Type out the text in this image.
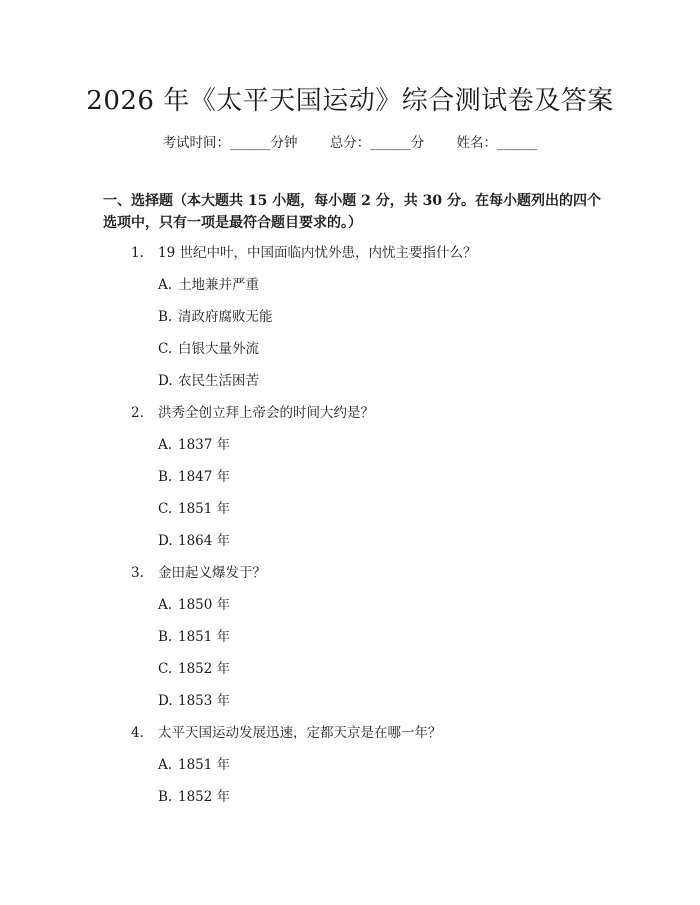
2026 年《太平天国运动》综合测试卷及答案
考试时间：______分钟 总分：______分 姓名：______
一、选择题（本大题共 15 小题，每小题 2 分，共 30 分。在每小题列出的四个选项中，只有一项是最符合题目要求的。）
1. 19 世纪中叶，中国面临内忧外患，内忧主要指什么？
A. 土地兼并严重
B. 清政府腐败无能
C. 白银大量外流
D. 农民生活困苦
2. 洪秀全创立拜上帝会的时间大约是？
A. 1837 年
B. 1847 年
C. 1851 年
D. 1864 年
3. 金田起义爆发于？
A. 1850 年
B. 1851 年
C. 1852 年
D. 1853 年
4. 太平天国运动发展迅速，定都天京是在哪一年？
A. 1851 年
B. 1852 年
